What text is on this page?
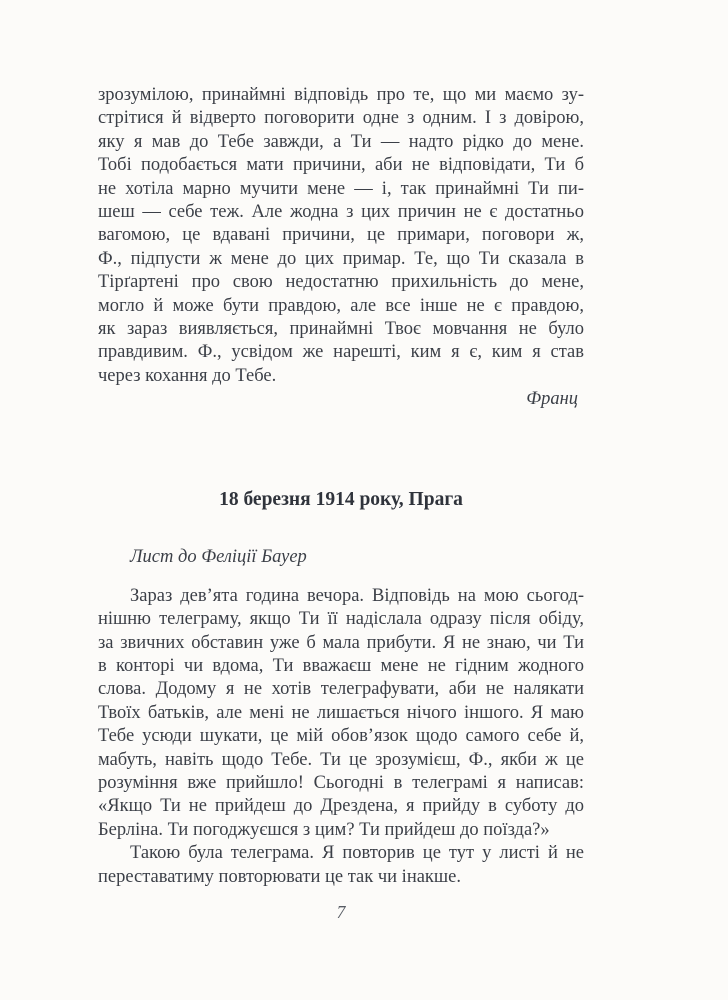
зрозумілою, принаймні відповідь про те, що ми маємо зу-
стрітися й відверто поговорити одне з одним. І з довірою,
яку я мав до Тебе завжди, а Ти — надто рідко до мене.
Тобі подобається мати причини, аби не відповідати, Ти б
не хотіла марно мучити мене — і, так принаймні Ти пи-
шеш — себе теж. Але жодна з цих причин не є достатньо
вагомою, це вдавані причини, це примари, поговори ж,
Ф., підпусти ж мене до цих примар. Те, що Ти сказала в
Тірґартені про свою недостатню прихильність до мене,
могло й може бути правдою, але все інше не є правдою,
як зараз виявляється, принаймні Твоє мовчання не було
правдивим. Ф., усвідом же нарешті, ким я є, ким я став
через кохання до Тебе.
Франц
18 березня 1914 року, Прага
Лист до Феліції Бауер
Зараз дев’ята година вечора. Відповідь на мою сьогод-
нішню телеграму, якщо Ти її надіслала одразу після обіду,
за звичних обставин уже б мала прибути. Я не знаю, чи Ти
в конторі чи вдома, Ти вважаєш мене не гідним жодного
слова. Додому я не хотів телеграфувати, аби не налякати
Твоїх батьків, але мені не лишається нічого іншого. Я маю
Тебе усюди шукати, це мій обов’язок щодо самого себе й,
мабуть, навіть щодо Тебе. Ти це зрозумієш, Ф., якби ж це
розуміння вже прийшло! Сьогодні в телеграмі я написав:
«Якщо Ти не прийдеш до Дрездена, я прийду в суботу до
Берліна. Ти погоджуєшся з цим? Ти прийдеш до поїзда?»
Такою була телеграма. Я повторив це тут у листі й не
переставатиму повторювати це так чи інакше.
7
